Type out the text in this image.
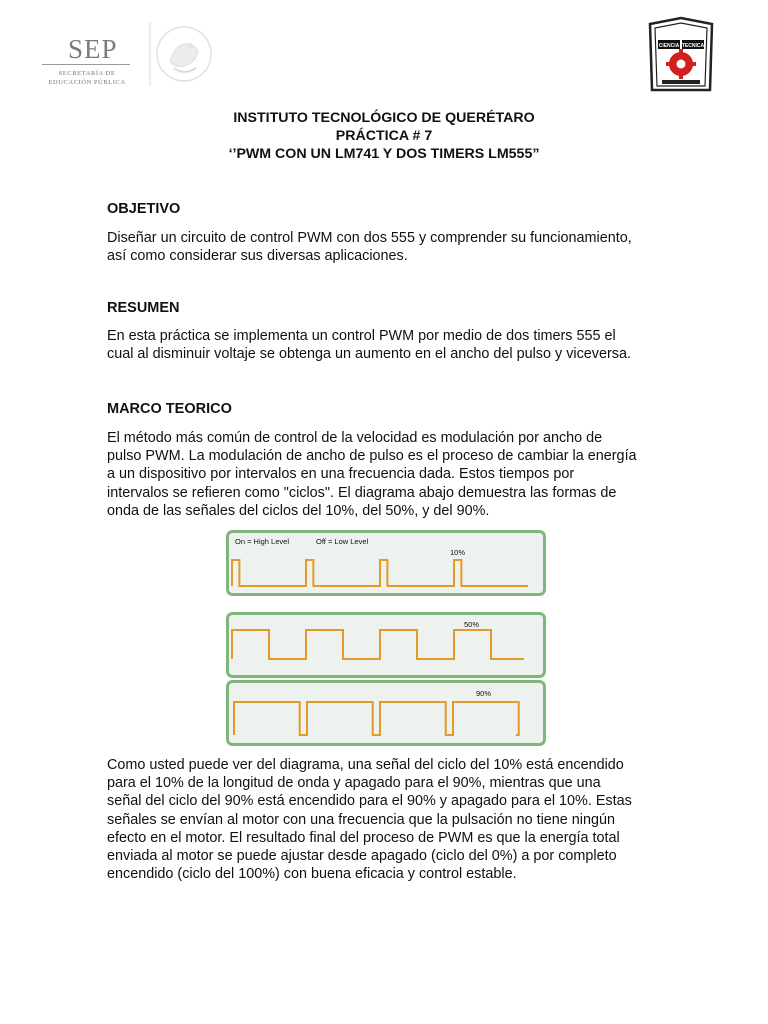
SEP
SECRETARÍA DE
EDUCACIÓN PÚBLICA
CIENCIA TECNICA
INSTITUTO TECNOLÓGICO DE QUERÉTARO
PRÁCTICA # 7
‘’PWM CON UN LM741 Y DOS TIMERS LM555”
OBJETIVO
Diseñar un circuito de control PWM con dos 555 y comprender su funcionamiento,
así como considerar sus diversas aplicaciones.
RESUMEN
En esta práctica se implementa un control PWM por medio de dos timers 555 el
cual al disminuir voltaje se obtenga un aumento en el ancho del pulso y viceversa.
MARCO TEORICO
El método más común de control de la velocidad es modulación por ancho de
pulso PWM. La modulación de ancho de pulso es el proceso de cambiar la energía
a un dispositivo por intervalos en una frecuencia dada. Estos tiempos por
intervalos se refieren como "ciclos". El diagrama abajo demuestra las formas de
onda de las señales del ciclos del 10%, del 50%, y del 90%.
On = High Level	Off = Low Level
10%
50%
90%
Como usted puede ver del diagrama, una señal del ciclo del 10% está encendido
para el 10% de la longitud de onda y apagado para el 90%, mientras que una
señal del ciclo del 90% está encendido para el 90% y apagado para el 10%. Estas
señales se envían al motor con una frecuencia que la pulsación no tiene ningún
efecto en el motor. El resultado final del proceso de PWM es que la energía total
enviada al motor se puede ajustar desde apagado (ciclo del 0%) a por completo
encendido (ciclo del 100%) con buena eficacia y control estable.
